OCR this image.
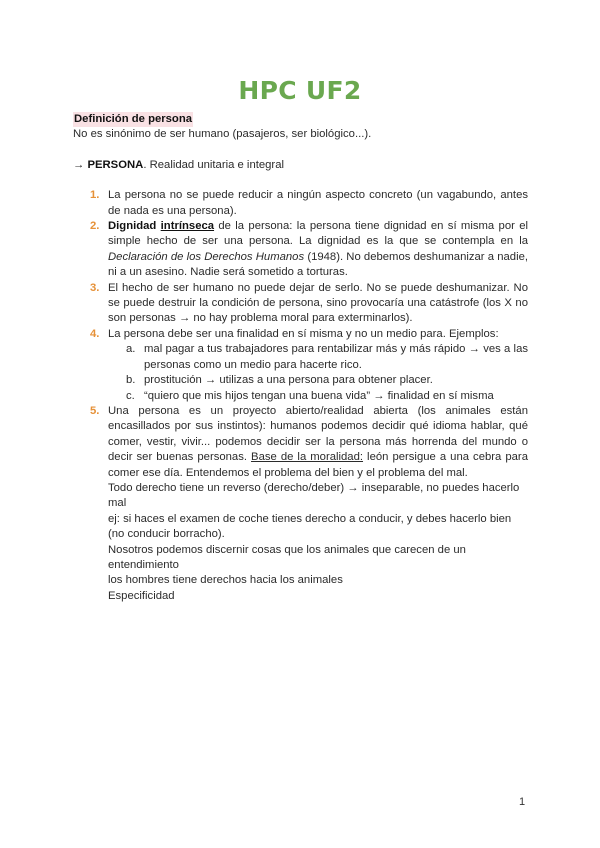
HPC UF2

Definición de persona

No es sinónimo de ser humano (pasajeros, ser biológico...).

→ PERSONA. Realidad unitaria e integral

1. La persona no se puede reducir a ningún aspecto concreto (un vagabundo, antes de nada es una persona).
2. Dignidad intrínseca de la persona: la persona tiene dignidad en sí misma por el simple hecho de ser una persona. La dignidad es la que se contempla en la Declaración de los Derechos Humanos (1948). No debemos deshumanizar a nadie, ni a un asesino. Nadie será sometido a torturas.
3. El hecho de ser humano no puede dejar de serlo. No se puede deshumanizar. No se puede destruir la condición de persona, sino provocaría una catástrofe (los X no son personas → no hay problema moral para exterminarlos).
4. La persona debe ser una finalidad en sí misma y no un medio para. Ejemplos:
a. mal pagar a tus trabajadores para rentabilizar más y más rápido → ves a las personas como un medio para hacerte rico.
b. prostitución → utilizas a una persona para obtener placer.
c. “quiero que mis hijos tengan una buena vida” → finalidad en sí misma
5. Una persona es un proyecto abierto/realidad abierta (los animales están encasillados por sus instintos): humanos podemos decidir qué idioma hablar, qué comer, vestir, vivir... podemos decidir ser la persona más horrenda del mundo o decir ser buenas personas. Base de la moralidad: león persigue a una cebra para comer ese día. Entendemos el problema del bien y el problema del mal.

Todo derecho tiene un reverso (derecho/deber) → inseparable, no puedes hacerlo mal

ej: si haces el examen de coche tienes derecho a conducir, y debes hacerlo bien (no conducir borracho).

Nosotros podemos discernir cosas que los animales que carecen de un entendimiento

los hombres tiene derechos hacia los animales

Especificidad

1
